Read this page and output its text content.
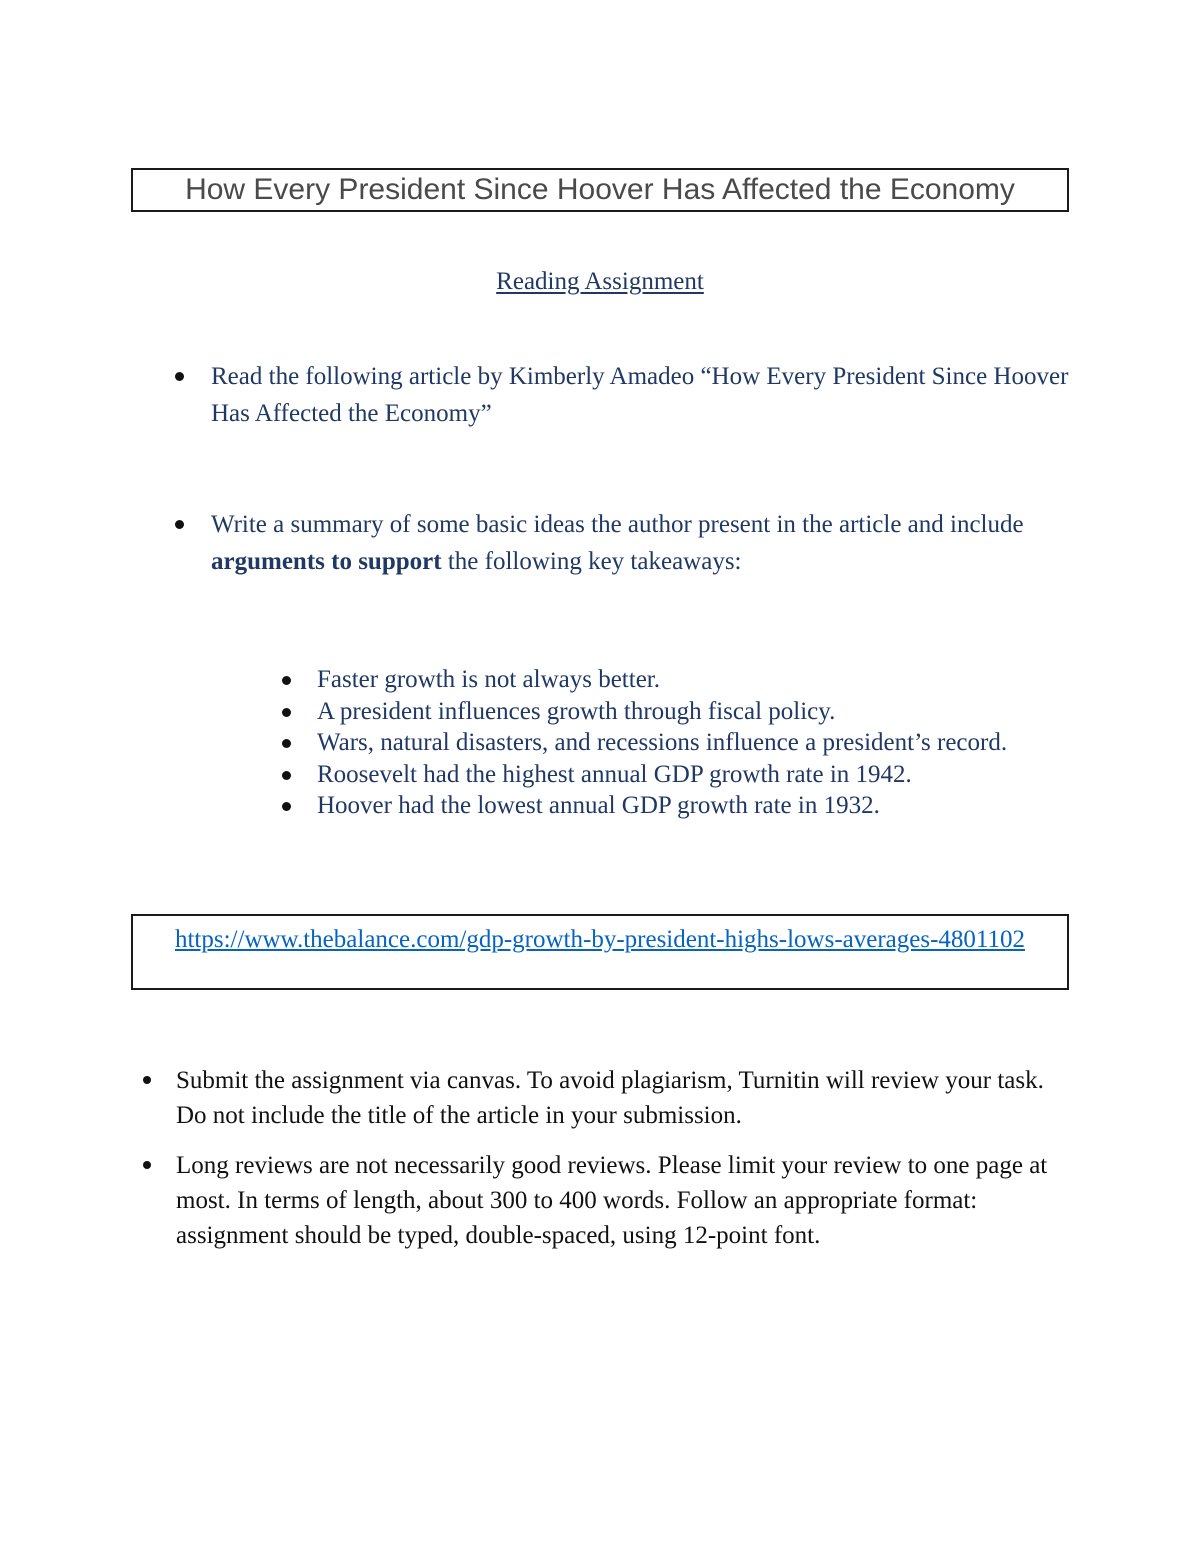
How Every President Since Hoover Has Affected the Economy
Reading Assignment
Read the following article by Kimberly Amadeo “How Every President Since Hoover Has Affected the Economy”
Write a summary of some basic ideas the author present in the article and include arguments to support the following key takeaways:
Faster growth is not always better.
A president influences growth through fiscal policy.
Wars, natural disasters, and recessions influence a president’s record.
Roosevelt had the highest annual GDP growth rate in 1942.
Hoover had the lowest annual GDP growth rate in 1932.
https://www.thebalance.com/gdp-growth-by-president-highs-lows-averages-4801102
Submit the assignment via canvas. To avoid plagiarism, Turnitin will review your task. Do not include the title of the article in your submission.
Long reviews are not necessarily good reviews. Please limit your review to one page at most. In terms of length, about 300 to 400 words. Follow an appropriate format: assignment should be typed, double-spaced, using 12-point font.
